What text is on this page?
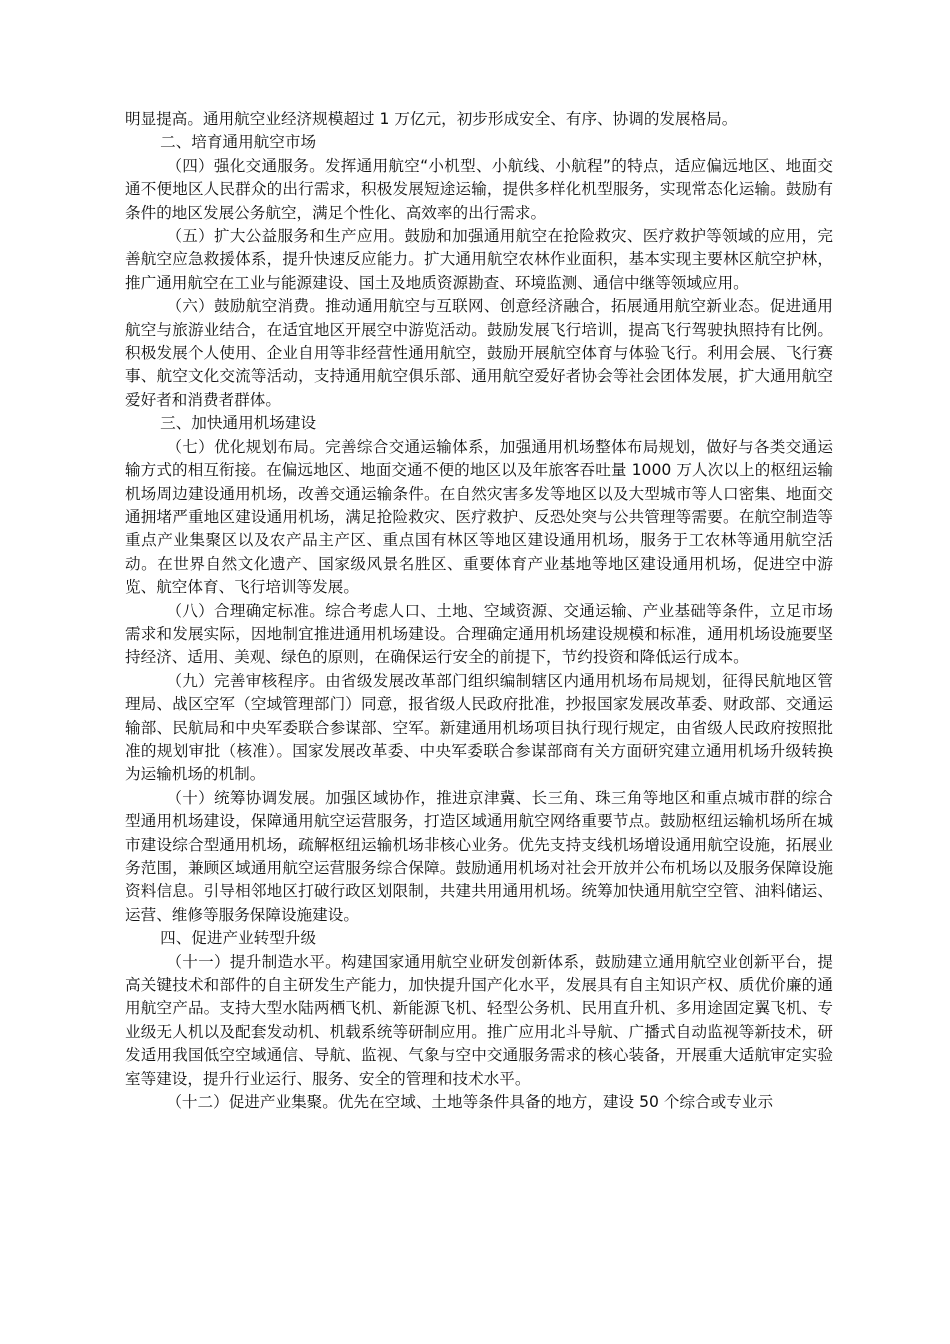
明显提高。通用航空业经济规模超过 1 万亿元，初步形成安全、有序、协调的发展格局。

二、培育通用航空市场

（四）强化交通服务。发挥通用航空“小机型、小航线、小航程”的特点，适应偏远地区、地面交通不便地区人民群众的出行需求，积极发展短途运输，提供多样化机型服务，实现常态化运输。鼓励有条件的地区发展公务航空，满足个性化、高效率的出行需求。

（五）扩大公益服务和生产应用。鼓励和加强通用航空在抢险救灾、医疗救护等领域的应用，完善航空应急救援体系，提升快速反应能力。扩大通用航空农林作业面积，基本实现主要林区航空护林，推广通用航空在工业与能源建设、国土及地质资源勘查、环境监测、通信中继等领域应用。

（六）鼓励航空消费。推动通用航空与互联网、创意经济融合，拓展通用航空新业态。促进通用航空与旅游业结合，在适宜地区开展空中游览活动。鼓励发展飞行培训，提高飞行驾驶执照持有比例。积极发展个人使用、企业自用等非经营性通用航空，鼓励开展航空体育与体验飞行。利用会展、飞行赛事、航空文化交流等活动，支持通用航空俱乐部、通用航空爱好者协会等社会团体发展，扩大通用航空爱好者和消费者群体。

三、加快通用机场建设

（七）优化规划布局。完善综合交通运输体系，加强通用机场整体布局规划，做好与各类交通运输方式的相互衔接。在偏远地区、地面交通不便的地区以及年旅客吞吐量 1000 万人次以上的枢纽运输机场周边建设通用机场，改善交通运输条件。在自然灾害多发等地区以及大型城市等人口密集、地面交通拥堵严重地区建设通用机场，满足抢险救灾、医疗救护、反恐处突与公共管理等需要。在航空制造等重点产业集聚区以及农产品主产区、重点国有林区等地区建设通用机场，服务于工农林等通用航空活动。在世界自然文化遗产、国家级风景名胜区、重要体育产业基地等地区建设通用机场，促进空中游览、航空体育、飞行培训等发展。

（八）合理确定标准。综合考虑人口、土地、空域资源、交通运输、产业基础等条件，立足市场需求和发展实际，因地制宜推进通用机场建设。合理确定通用机场建设规模和标准，通用机场设施要坚持经济、适用、美观、绿色的原则，在确保运行安全的前提下，节约投资和降低运行成本。

（九）完善审核程序。由省级发展改革部门组织编制辖区内通用机场布局规划，征得民航地区管理局、战区空军（空域管理部门）同意，报省级人民政府批准，抄报国家发展改革委、财政部、交通运输部、民航局和中央军委联合参谋部、空军。新建通用机场项目执行现行规定，由省级人民政府按照批准的规划审批（核准）。国家发展改革委、中央军委联合参谋部商有关方面研究建立通用机场升级转换为运输机场的机制。

（十）统筹协调发展。加强区域协作，推进京津冀、长三角、珠三角等地区和重点城市群的综合型通用机场建设，保障通用航空运营服务，打造区域通用航空网络重要节点。鼓励枢纽运输机场所在城市建设综合型通用机场，疏解枢纽运输机场非核心业务。优先支持支线机场增设通用航空设施，拓展业务范围，兼顾区域通用航空运营服务综合保障。鼓励通用机场对社会开放并公布机场以及服务保障设施资料信息。引导相邻地区打破行政区划限制，共建共用通用机场。统筹加快通用航空空管、油料储运、运营、维修等服务保障设施建设。

四、促进产业转型升级

（十一）提升制造水平。构建国家通用航空业研发创新体系，鼓励建立通用航空业创新平台，提高关键技术和部件的自主研发生产能力，加快提升国产化水平，发展具有自主知识产权、质优价廉的通用航空产品。支持大型水陆两栖飞机、新能源飞机、轻型公务机、民用直升机、多用途固定翼飞机、专业级无人机以及配套发动机、机载系统等研制应用。推广应用北斗导航、广播式自动监视等新技术，研发适用我国低空空域通信、导航、监视、气象与空中交通服务需求的核心装备，开展重大适航审定实验室等建设，提升行业运行、服务、安全的管理和技术水平。

（十二）促进产业集聚。优先在空域、土地等条件具备的地方，建设 50 个综合或专业示
